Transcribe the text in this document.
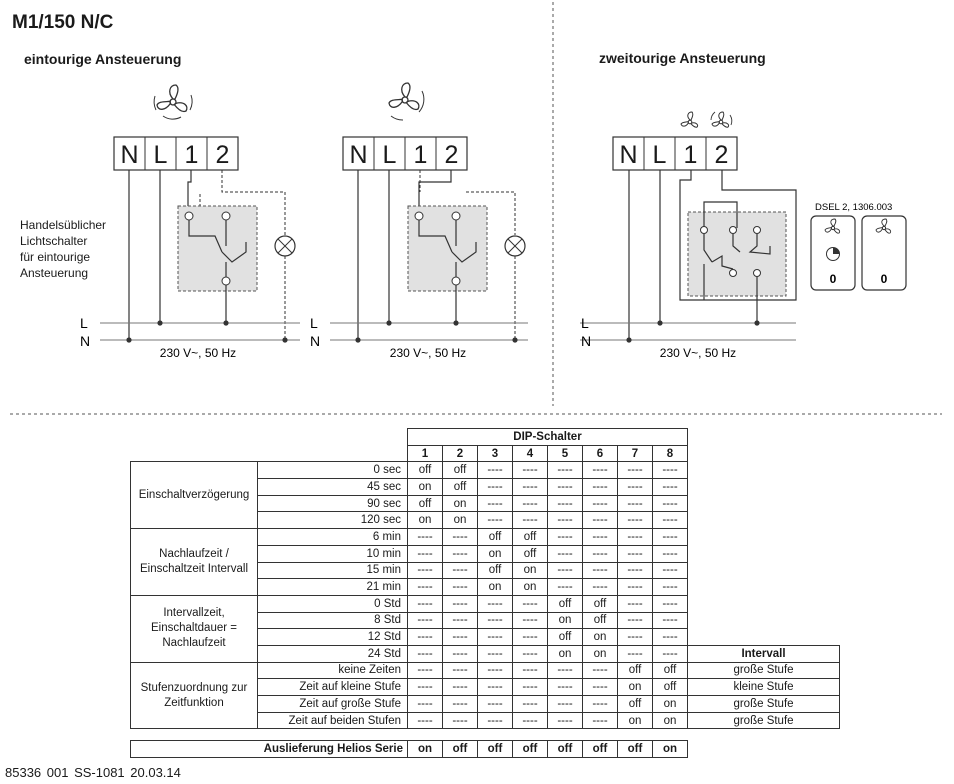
M1/150 N/C
eintourige Ansteuerung	zweitourige Ansteuerung
N L 1 2
L
N
230 V~, 50 Hz
N L 1 2
L
N
230 V~, 50 Hz
N L 1 2
L
N
230 V~, 50 Hz
DSEL 2, 1306.003
0	0
Handelsüblicher
Lichtschalter
für eintourige
Ansteuerung
		DIP-Schalter								
		1	2	3	4	5	6	7	8	
Einschaltverzögerung	0 sec	off	off	----	----	----	----	----	----	
	45 sec	on	off	----	----	----	----	----	----	
	90 sec	off	on	----	----	----	----	----	----	
	120 sec	on	on	----	----	----	----	----	----	
Nachlaufzeit / Einschaltzeit Intervall	6 min	----	----	off	off	----	----	----	----	
	10 min	----	----	on	off	----	----	----	----	
	15 min	----	----	off	on	----	----	----	----	
	21 min	----	----	on	on	----	----	----	----	
Intervallzeit, Einschaltdauer = Nachlaufzeit	0 Std	----	----	----	----	off	off	----	----	
	8 Std	----	----	----	----	on	off	----	----	
	12 Std	----	----	----	----	off	on	----	----	
	24 Std	----	----	----	----	on	on	----	----	Intervall
Stufenzuordnung zur Zeitfunktion	keine Zeiten	----	----	----	----	----	----	off	off	große Stufe
	Zeit auf kleine Stufe	----	----	----	----	----	----	on	off	kleine Stufe
	Zeit auf große Stufe	----	----	----	----	----	----	off	on	große Stufe
	Zeit auf beiden Stufen	----	----	----	----	----	----	on	on	große Stufe
Auslieferung Helios Serie	on	off	off	off	off	off	off	on
85336 001 SS-1081 20.03.14
